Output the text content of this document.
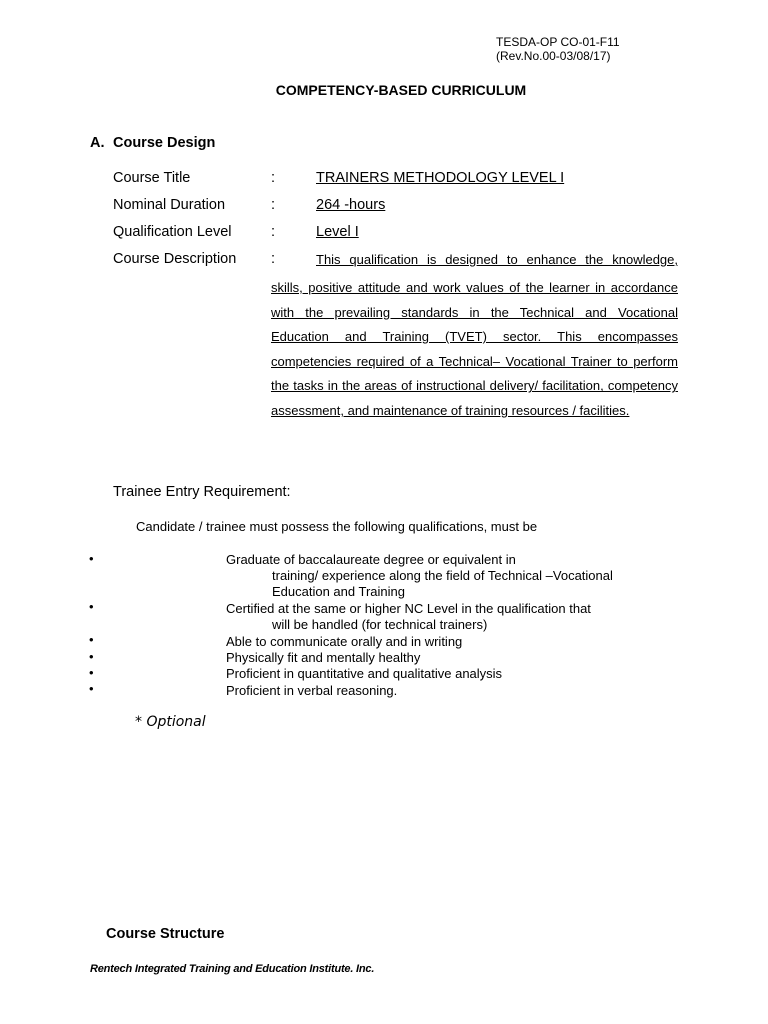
TESDA-OP CO-01-F11
(Rev.No.00-03/08/17)
COMPETENCY-BASED CURRICULUM
A. Course Design
Course Title	:	TRAINERS METHODOLOGY LEVEL I
Nominal Duration	:	264 -hours
Qualification Level	:	Level I
Course Description :	This qualification is designed to enhance the knowledge,
skills, positive attitude and work values of the learner in accordance with the prevailing standards in the Technical and Vocational Education and Training (TVET) sector. This encompasses competencies required of a Technical– Vocational Trainer to perform the tasks in the areas of instructional delivery/ facilitation, competency assessment, and maintenance of training resources / facilities.
Trainee Entry Requirement:
Candidate / trainee must possess the following qualifications, must be
•	Graduate of baccalaureate degree or equivalent in
training/ experience along the field of Technical –Vocational
Education and Training
•	Certified at the same or higher NC Level in the qualification that
will be handled (for technical trainers)
•	Able to communicate orally and in writing
•	Physically fit and mentally healthy
•	Proficient in quantitative and qualitative analysis
•	Proficient in verbal reasoning.
* Optional
Course Structure
Rentech Integrated Training and Education Institute. Inc.
